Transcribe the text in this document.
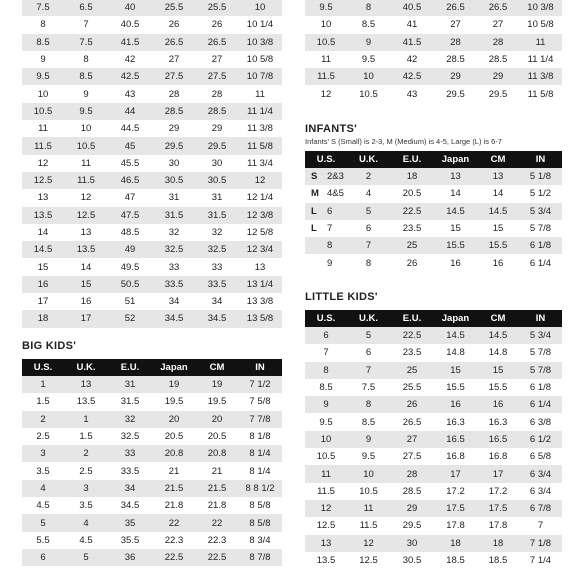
7.5	6.5	40	25.5	25.5	10
8	7	40.5	26	26	10 1/4
8.5	7.5	41.5	26.5	26.5	10 3/8
9	8	42	27	27	10 5/8
9.5	8.5	42.5	27.5	27.5	10 7/8
10	9	43	28	28	11
10.5	9.5	44	28.5	28.5	11 1/4
11	10	44.5	29	29	11 3/8
11.5	10.5	45	29.5	29.5	11 5/8
12	11	45.5	30	30	11 3/4
12.5	11.5	46.5	30.5	30.5	12
13	12	47	31	31	12 1/4
13.5	12.5	47.5	31.5	31.5	12 3/8
14	13	48.5	32	32	12 5/8
14.5	13.5	49	32.5	32.5	12 3/4
15	14	49.5	33	33	13
16	15	50.5	33.5	33.5	13 1/4
17	16	51	34	34	13 3/8
18	17	52	34.5	34.5	13 5/8
BIG KIDS'
U.S.	U.K.	E.U.	Japan	CM	IN
1	13	31	19	19	7 1/2
1.5	13.5	31.5	19.5	19.5	7 5/8
2	1	32	20	20	7 7/8
2.5	1.5	32.5	20.5	20.5	8 1/8
3	2	33	20.8	20.8	8 1/4
3.5	2.5	33.5	21	21	8 1/4
4	3	34	21.5	21.5	8 8 1/2
4.5	3.5	34.5	21.8	21.8	8 5/8
5	4	35	22	22	8 5/8
5.5	4.5	35.5	22.3	22.3	8 3/4
6	5	36	22.5	22.5	8 7/8
9.5	8	40.5	26.5	26.5	10 3/8
10	8.5	41	27	27	10 5/8
10.5	9	41.5	28	28	11
11	9.5	42	28.5	28.5	11 1/4
11.5	10	42.5	29	29	11 3/8
12	10.5	43	29.5	29.5	11 5/8
INFANTS'

Infants' S (Small) is 2-3, M (Medium) is 4-5, Large (L) is 6-7

U.S.	U.K.	E.U.	Japan	CM	IN
S 2&3	2	18	13	13	5 1/8
M 4&5	4	20.5	14	14	5 1/2
L 6	5	22.5	14.5	14.5	5 3/4
L 7	6	23.5	15	15	5 7/8
8	7	25	15.5	15.5	6 1/8
9	8	26	16	16	6 1/4
LITTLE KIDS'
U.S.	U.K.	E.U.	Japan	CM	IN
6	5	22.5	14.5	14.5	5 3/4
7	6	23.5	14.8	14.8	5 7/8
8	7	25	15	15	5 7/8
8.5	7.5	25.5	15.5	15.5	6 1/8
9	8	26	16	16	6 1/4
9.5	8.5	26.5	16.3	16.3	6 3/8
10	9	27	16.5	16.5	6 1/2
10.5	9.5	27.5	16.8	16.8	6 5/8
11	10	28	17	17	6 3/4
11.5	10.5	28.5	17.2	17.2	6 3/4
12	11	29	17.5	17.5	6 7/8
12.5	11.5	29.5	17.8	17.8	7
13	12	30	18	18	7 1/8
13.5	12.5	30.5	18.5	18.5	7 1/4
